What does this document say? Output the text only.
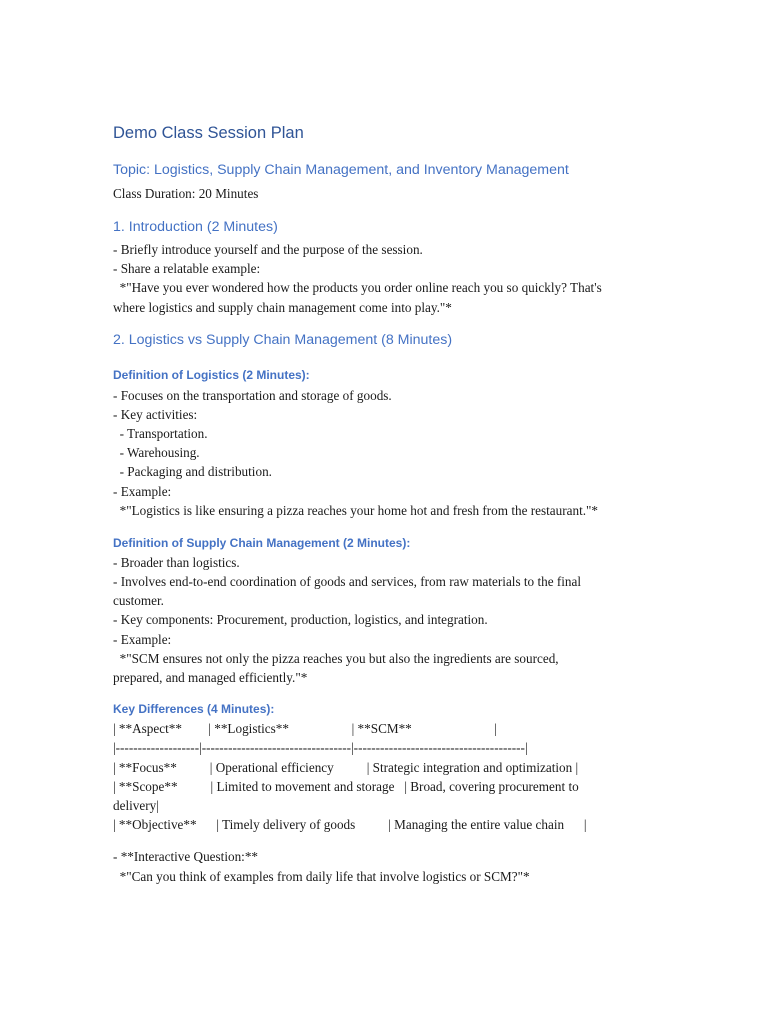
Demo Class Session Plan
Topic: Logistics, Supply Chain Management, and Inventory Management
Class Duration: 20 Minutes
1. Introduction (2 Minutes)
- Briefly introduce yourself and the purpose of the session.
- Share a relatable example:
*"Have you ever wondered how the products you order online reach you so quickly? That's
where logistics and supply chain management come into play."*
2. Logistics vs Supply Chain Management (8 Minutes)
Definition of Logistics (2 Minutes):
- Focuses on the transportation and storage of goods.
- Key activities:
- Transportation.
- Warehousing.
- Packaging and distribution.
- Example:
*"Logistics is like ensuring a pizza reaches your home hot and fresh from the restaurant."*
Definition of Supply Chain Management (2 Minutes):
- Broader than logistics.
- Involves end-to-end coordination of goods and services, from raw materials to the final
customer.
- Key components: Procurement, production, logistics, and integration.
- Example:
*"SCM ensures not only the pizza reaches you but also the ingredients are sourced,
prepared, and managed efficiently."*
Key Differences (4 Minutes):
| **Aspect**        | **Logistics**                   | **SCM**                         |
|-------------------|----------------------------------|---------------------------------------|
| **Focus**          | Operational efficiency          | Strategic integration and optimization |
| **Scope**          | Limited to movement and storage   | Broad, covering procurement to
delivery|
| **Objective**      | Timely delivery of goods          | Managing the entire value chain      |
- **Interactive Question:**
*"Can you think of examples from daily life that involve logistics or SCM?"*
